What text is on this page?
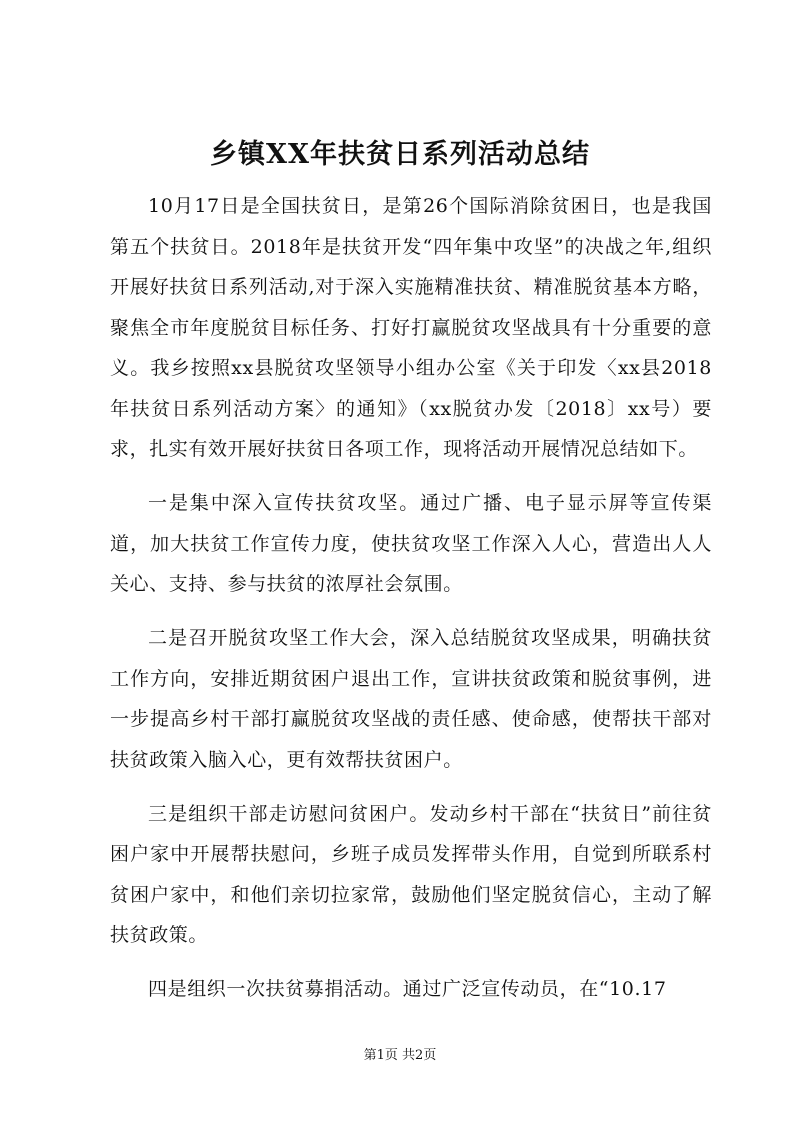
乡镇XX年扶贫日系列活动总结

10月17日是全国扶贫日，是第26个国际消除贫困日，也是我国第五个扶贫日。2018年是扶贫开发“四年集中攻坚”的决战之年,组织开展好扶贫日系列活动,对于深入实施精准扶贫、精准脱贫基本方略，聚焦全市年度脱贫目标任务、打好打赢脱贫攻坚战具有十分重要的意义。我乡按照xx县脱贫攻坚领导小组办公室《关于印发〈xx县2018年扶贫日系列活动方案〉的通知》（xx脱贫办发〔2018〕xx号）要求，扎实有效开展好扶贫日各项工作，现将活动开展情况总结如下。

一是集中深入宣传扶贫攻坚。通过广播、电子显示屏等宣传渠道，加大扶贫工作宣传力度，使扶贫攻坚工作深入人心，营造出人人关心、支持、参与扶贫的浓厚社会氛围。

二是召开脱贫攻坚工作大会，深入总结脱贫攻坚成果，明确扶贫工作方向，安排近期贫困户退出工作，宣讲扶贫政策和脱贫事例，进一步提高乡村干部打赢脱贫攻坚战的责任感、使命感，使帮扶干部对扶贫政策入脑入心，更有效帮扶贫困户。

三是组织干部走访慰问贫困户。发动乡村干部在“扶贫日”前往贫困户家中开展帮扶慰问，乡班子成员发挥带头作用，自觉到所联系村贫困户家中，和他们亲切拉家常，鼓励他们坚定脱贫信心，主动了解扶贫政策。

四是组织一次扶贫募捐活动。通过广泛宣传动员，在“10.17

第1页 共2页
